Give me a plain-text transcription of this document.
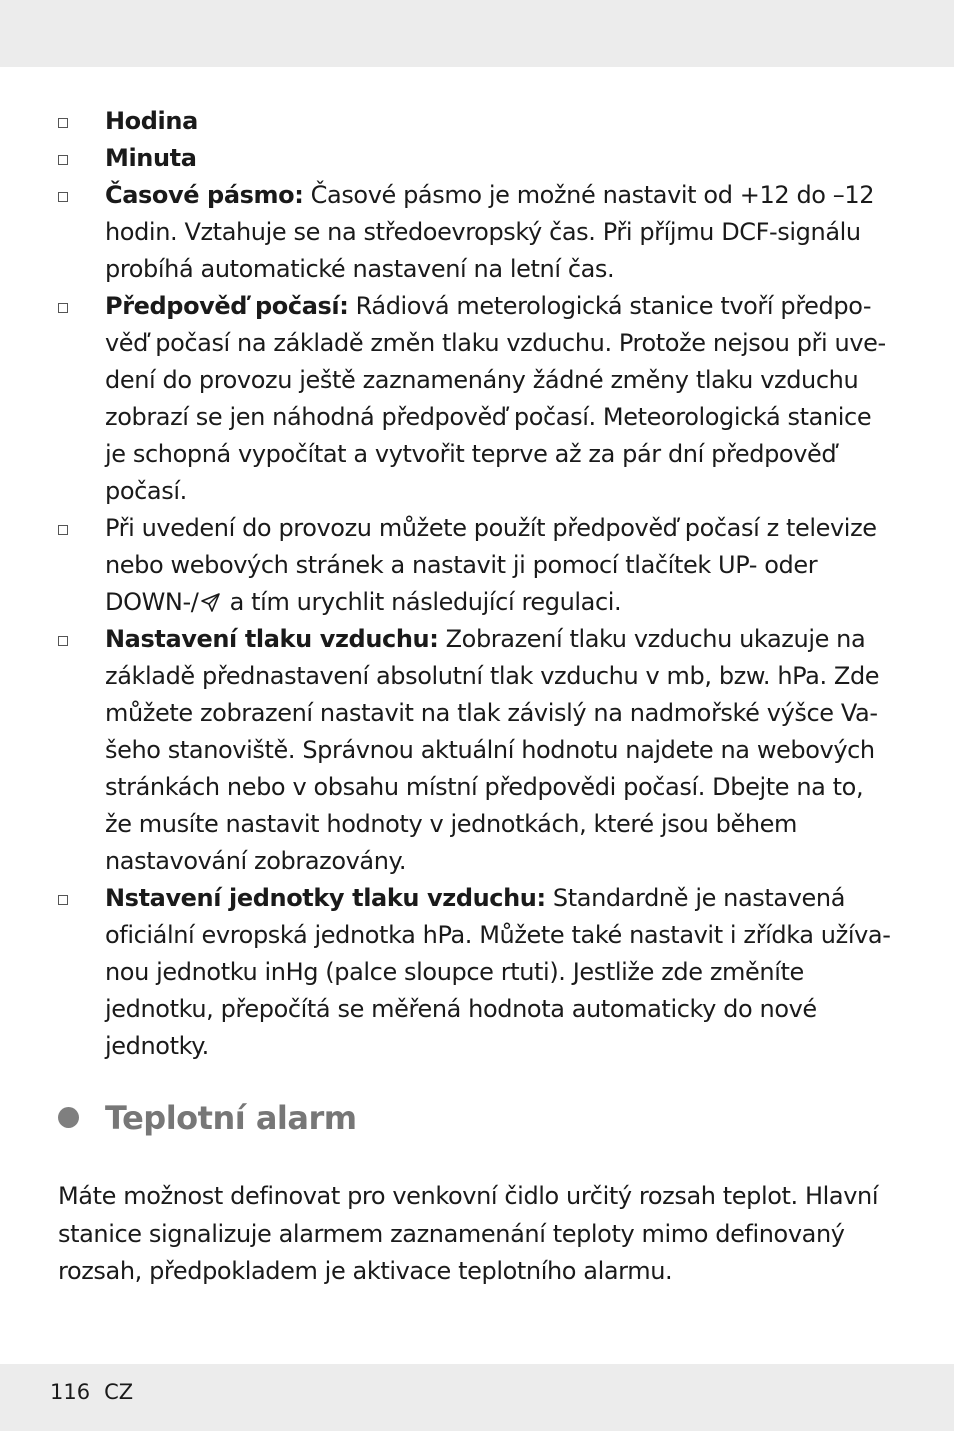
Hodina
Minuta
Časové pásmo: Časové pásmo je možné nastavit od +12 do –12 hodin. Vztahuje se na středoevropský čas. Při příjmu DCF-signálu probíhá automatické nastavení na letní čas.
Předpověď počasí: Rádiová meterologická stanice tvoří předpo-věď počasí na základě změn tlaku vzduchu. Protože nejsou při uve-dení do provozu ještě zaznamenány žádné změny tlaku vzduchu zobrazí se jen náhodná předpověď počasí. Meteorologická stanice je schopná vypočítat a vytvořit teprve až za pár dní předpověď počasí.
Při uvedení do provozu můžete použít předpověď počasí z televize nebo webových stránek a nastavit ji pomocí tlačítek UP- oder DOWN-/ a tím urychlit následující regulaci.
Nastavení tlaku vzduchu: Zobrazení tlaku vzduchu ukazuje na základě přednastavení absolutní tlak vzduchu v mb, bzw. hPa. Zde můžete zobrazení nastavit na tlak závislý na nadmořské výšce Va-šeho stanoviště. Správnou aktuální hodnotu najdete na webových stránkách nebo v obsahu místní předpovědi počasí. Dbejte na to, že musíte nastavit hodnoty v jednotkách, které jsou během nastavování zobrazovány.
Nstavení jednotky tlaku vzduchu: Standardně je nastavená oficiální evropská jednotka hPa. Můžete také nastavit i zřídka užíva-nou jednotku inHg (palce sloupce rtuti). Jestliže zde změníte jednotku, přepočítá se měřená hodnota automaticky do nové jednotky.
Teplotní alarm

Máte možnost definovat pro venkovní čidlo určitý rozsah teplot. Hlavní stanice signalizuje alarmem zaznamenání teploty mimo definovaný rozsah, předpokladem je aktivace teplotního alarmu.

116 CZ
